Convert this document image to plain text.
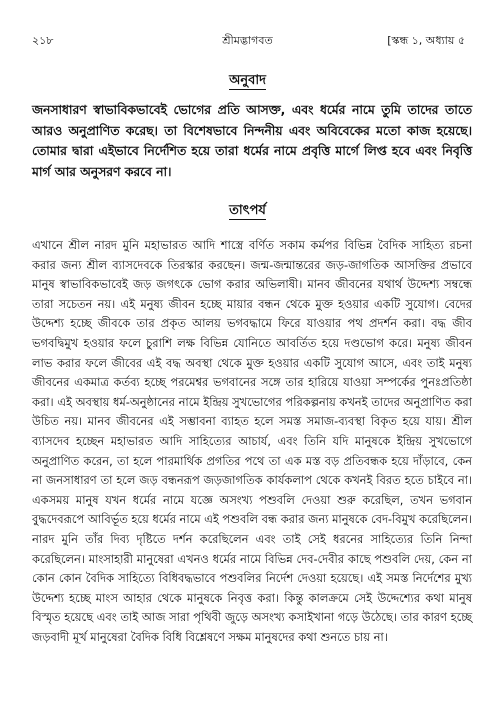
২১৮	শ্রীমদ্ভাগবত	[স্কন্ধ ১, অধ্যায় ৫
অনুবাদ

জনসাধারণ স্বাভাবিকভাবেই ভোগের প্রতি আসক্ত, এবং ধর্মের নামে তুমি তাদের তাতে আরও অনুপ্রাণিত করেছ। তা বিশেষভাবে নিন্দনীয় এবং অবিবেকের মতো কাজ হয়েছে। তোমার দ্বারা এইভাবে নির্দেশিত হয়ে তারা ধর্মের নামে প্রবৃত্তি মার্গে লিপ্ত হবে এবং নিবৃত্তি মার্গ আর অনুসরণ করবে না।

তাৎপর্য

এখানে শ্রীল নারদ মুনি মহাভারত আদি শাস্ত্রে বর্ণিত সকাম কর্মপর বিভিন্ন বৈদিক সাহিত্য রচনা করার জন্য শ্রীল ব্যাসদেবকে তিরস্কার করছেন। জন্ম-জন্মান্তরের জড়-জাগতিক আসক্তির প্রভাবে মানুষ স্বাভাবিকভাবেই জড় জগৎকে ভোগ করার অভিলাষী। মানব জীবনের যথার্থ উদ্দেশ্য সম্বন্ধে তারা সচেতন নয়। এই মনুষ্য জীবন হচ্ছে মায়ার বন্ধন থেকে মুক্ত হওয়ার একটি সুযোগ। বেদের উদ্দেশ্য হচ্ছে জীবকে তার প্রকৃত আলয় ভগবদ্ধামে ফিরে যাওয়ার পথ প্রদর্শন করা। বদ্ধ জীব ভগবদ্বিমুখ হওয়ার ফলে চুরাশি লক্ষ বিভিন্ন যোনিতে আবর্তিত হয়ে দণ্ডভোগ করে। মনুষ্য জীবন লাভ করার ফলে জীবের এই বদ্ধ অবস্থা থেকে মুক্ত হওয়ার একটি সুযোগ আসে, এবং তাই মনুষ্য জীবনের একমাত্র কর্তব্য হচ্ছে পরমেশ্বর ভগবানের সঙ্গে তার হারিয়ে যাওয়া সম্পর্কের পুনঃপ্রতিষ্ঠা করা। এই অবস্থায় ধর্ম-অনুষ্ঠানের নামে ইন্দ্রিয় সুখভোগের পরিকল্পনায় কখনই তাদের অনুপ্রাণিত করা উচিত নয়। মানব জীবনের এই সম্ভাবনা ব্যাহত হলে সমস্ত সমাজ-ব্যবস্থা বিকৃত হয়ে যায়। শ্রীল ব্যাসদেব হচ্ছেন মহাভারত আদি সাহিত্যের আচার্য, এবং তিনি যদি মানুষকে ইন্দ্রিয় সুখভোগে অনুপ্রাণিত করেন, তা হলে পারমার্থিক প্রগতির পথে তা এক মস্ত বড় প্রতিবন্ধক হয়ে দাঁড়াবে, কেন না জনসাধারণ তা হলে জড় বন্ধনরূপ জড়জাগতিক কার্যকলাপ থেকে কখনই বিরত হতে চাইবে না। একসময় মানুষ যখন ধর্মের নামে যজ্ঞে অসংখ্য পশুবলি দেওয়া শুরু করেছিল, তখন ভগবান বুদ্ধদেবরূপে আবির্ভূত হয়ে ধর্মের নামে এই পশুবলি বন্ধ করার জন্য মানুষকে বেদ-বিমুখ করেছিলেন। নারদ মুনি তাঁর দিব্য দৃষ্টিতে দর্শন করেছিলেন এবং তাই সেই ধরনের সাহিত্যের তিনি নিন্দা করেছিলেন। মাংসাহারী মানুষেরা এখনও ধর্মের নামে বিভিন্ন দেব-দেবীর কাছে পশুবলি দেয়, কেন না কোন কোন বৈদিক সাহিত্যে বিধিবদ্ধভাবে পশুবলির নির্দেশ দেওয়া হয়েছে। এই সমস্ত নির্দেশের মুখ্য উদ্দেশ্য হচ্ছে মাংস আহার থেকে মানুষকে নিবৃত্ত করা। কিন্তু কালক্রমে সেই উদ্দেশ্যের কথা মানুষ বিস্মৃত হয়েছে এবং তাই আজ সারা পৃথিবী জুড়ে অসংখ্য কসাইখানা গড়ে উঠেছে। তার কারণ হচ্ছে জড়বাদী মূর্খ মানুষেরা বৈদিক বিধি বিশ্লেষণে সক্ষম মানুষদের কথা শুনতে চায় না।
